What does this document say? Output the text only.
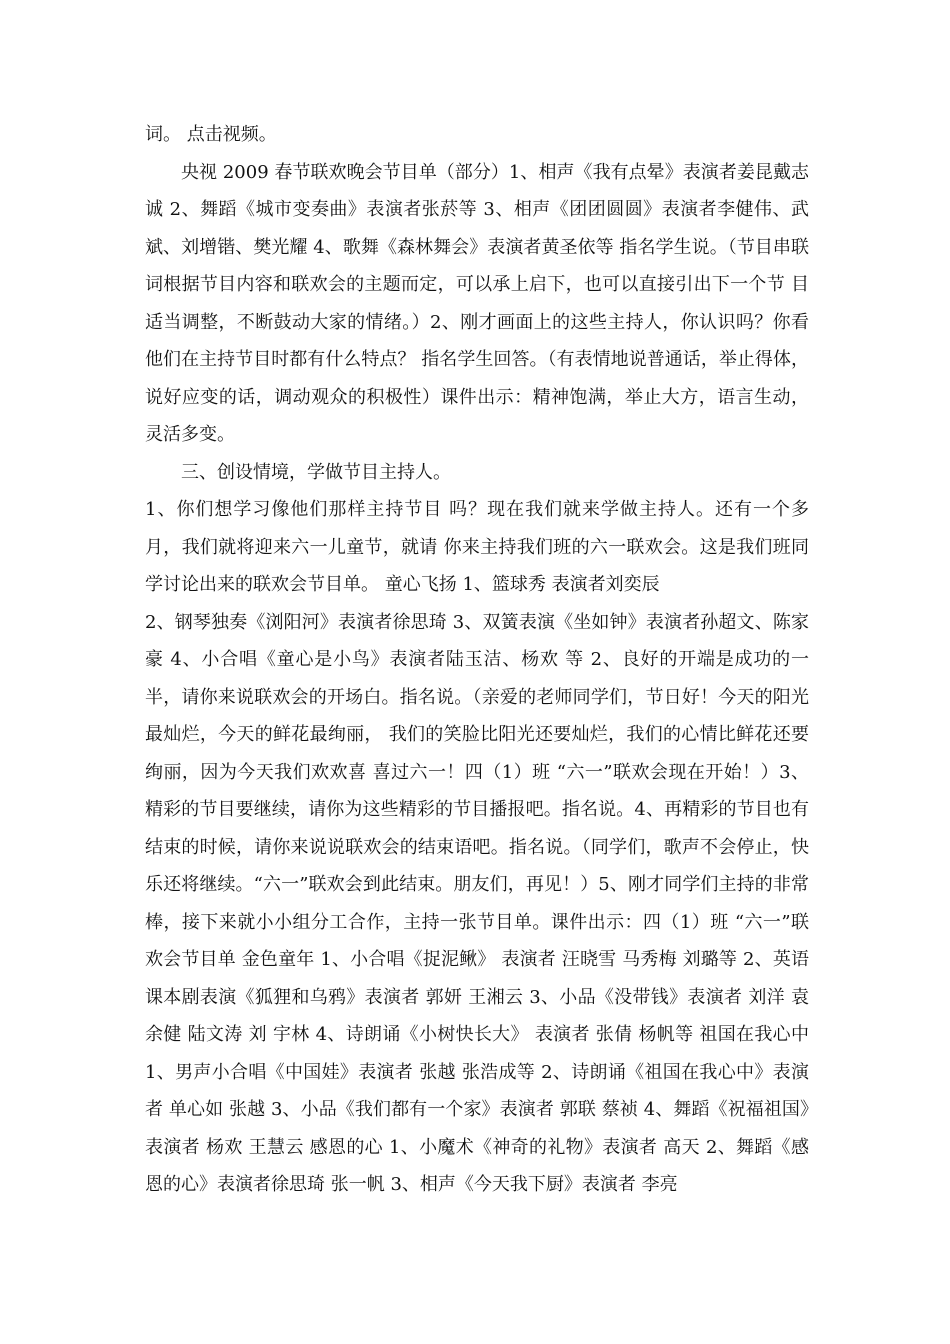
词。 点击视频。

央视 2009 春节联欢晚会节目单（部分）1、相声《我有点晕》表演者姜昆戴志诚 2、舞蹈《城市变奏曲》表演者张菸等 3、相声《团团圆圆》表演者李健伟、武斌、刘增锴、樊光耀 4、歌舞《森林舞会》表演者黄圣依等 指名学生说。（节目串联词根据节目内容和联欢会的主题而定，可以承上启下，也可以直接引出下一个节 目适当调整，不断鼓动大家的情绪。）2、刚才画面上的这些主持人，你认识吗？你看他们在主持节目时都有什么特点？ 指名学生回答。（有表情地说普通话，举止得体，说好应变的话，调动观众的积极性）课件出示：精神饱满，举止大方，语言生动，灵活多变。

三、创设情境，学做节目主持人。

1、你们想学习像他们那样主持节目 吗？现在我们就来学做主持人。还有一个多月，我们就将迎来六一儿童节，就请 你来主持我们班的六一联欢会。这是我们班同学讨论出来的联欢会节目单。 童心飞扬 1、篮球秀 表演者刘奕辰

2、钢琴独奏《浏阳河》表演者徐思琦 3、双簧表演《坐如钟》表演者孙超文、陈家豪 4、小合唱《童心是小鸟》表演者陆玉洁、杨欢 等 2、良好的开端是成功的一半，请你来说联欢会的开场白。指名说。（亲爱的老师同学们，节日好！今天的阳光最灿烂，今天的鲜花最绚丽， 我们的笑脸比阳光还要灿烂，我们的心情比鲜花还要绚丽，因为今天我们欢欢喜 喜过六一！四（1）班 “六一”联欢会现在开始！）3、精彩的节目要继续，请你为这些精彩的节目播报吧。指名说。4、再精彩的节目也有结束的时候，请你来说说联欢会的结束语吧。指名说。（同学们，歌声不会停止，快乐还将继续。“六一”联欢会到此结束。朋友们，再见！）5、刚才同学们主持的非常棒，接下来就小小组分工合作，主持一张节目单。课件出示：四（1）班 “六一”联欢会节目单 金色童年 1、小合唱《捉泥鳅》 表演者 汪晓雪 马秀梅 刘璐等 2、英语课本剧表演《狐狸和乌鸦》表演者 郭妍 王湘云 3、小品《没带钱》表演者 刘洋 袁余健 陆文涛 刘 宇林 4、诗朗诵《小树快长大》 表演者 张倩 杨帆等 祖国在我心中 1、男声小合唱《中国娃》表演者 张越 张浩成等 2、诗朗诵《祖国在我心中》表演者 单心如 张越 3、小品《我们都有一个家》表演者 郭联 蔡祯 4、舞蹈《祝福祖国》表演者 杨欢 王慧云 感恩的心 1、小魔术《神奇的礼物》表演者 高天 2、舞蹈《感恩的心》表演者徐思琦 张一帆 3、相声《今天我下厨》表演者 李亮
